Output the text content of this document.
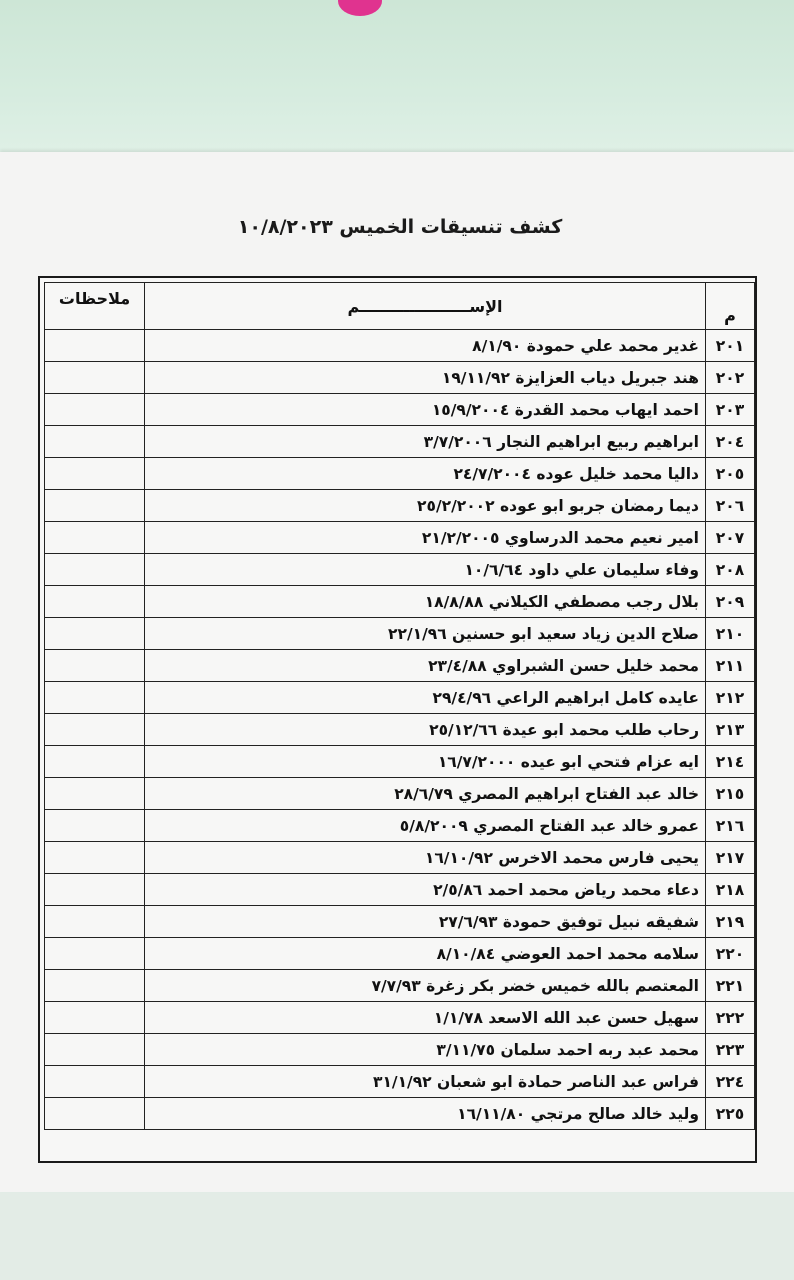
كشف تنسيقات الخميس ١٠/٨/٢٠٢٣
م	الإســــــــــــــــــــم	ملاحظات
٢٠١	غدير محمد علي حمودة ٨/١/٩٠	
٢٠٢	هند جبريل دياب العزايزة ١٩/١١/٩٢	
٢٠٣	احمد ايهاب محمد القدرة ١٥/٩/٢٠٠٤	
٢٠٤	ابراهيم ربيع ابراهيم النجار ٣/٧/٢٠٠٦	
٢٠٥	داليا محمد خليل عوده ٢٤/٧/٢٠٠٤	
٢٠٦	ديما رمضان جربو ابو عوده ٢٥/٢/٢٠٠٢	
٢٠٧	امير نعيم محمد الدرساوي ٢١/٢/٢٠٠٥	
٢٠٨	وفاء سليمان علي داود ١٠/٦/٦٤	
٢٠٩	بلال رجب مصطفي الكيلاني ١٨/٨/٨٨	
٢١٠	صلاح الدين زياد سعيد ابو حسنين ٢٢/١/٩٦	
٢١١	محمد خليل حسن الشبراوي ٢٣/٤/٨٨	
٢١٢	عايده كامل ابراهيم الراعي ٢٩/٤/٩٦	
٢١٣	رحاب طلب محمد ابو عيدة ٢٥/١٢/٦٦	
٢١٤	ايه عزام فتحي ابو عيده ١٦/٧/٢٠٠٠	
٢١٥	خالد عبد الفتاح ابراهيم المصري ٢٨/٦/٧٩	
٢١٦	عمرو خالد عبد الفتاح المصري ٥/٨/٢٠٠٩	
٢١٧	يحيى فارس محمد الاخرس ١٦/١٠/٩٢	
٢١٨	دعاء محمد رياض محمد احمد ٢/٥/٨٦	
٢١٩	شفيقه نبيل توفيق حمودة ٢٧/٦/٩٣	
٢٢٠	سلامه محمد احمد العوضي ٨/١٠/٨٤	
٢٢١	المعتصم بالله خميس خضر بكر زغرة ٧/٧/٩٣	
٢٢٢	سهيل حسن عبد الله الاسعد ١/١/٧٨	
٢٢٣	محمد عبد ربه احمد سلمان ٣/١١/٧٥	
٢٢٤	فراس عبد الناصر حمادة ابو شعبان ٣١/١/٩٢	
٢٢٥	وليد خالد صالح مرتجي ١٦/١١/٨٠	
